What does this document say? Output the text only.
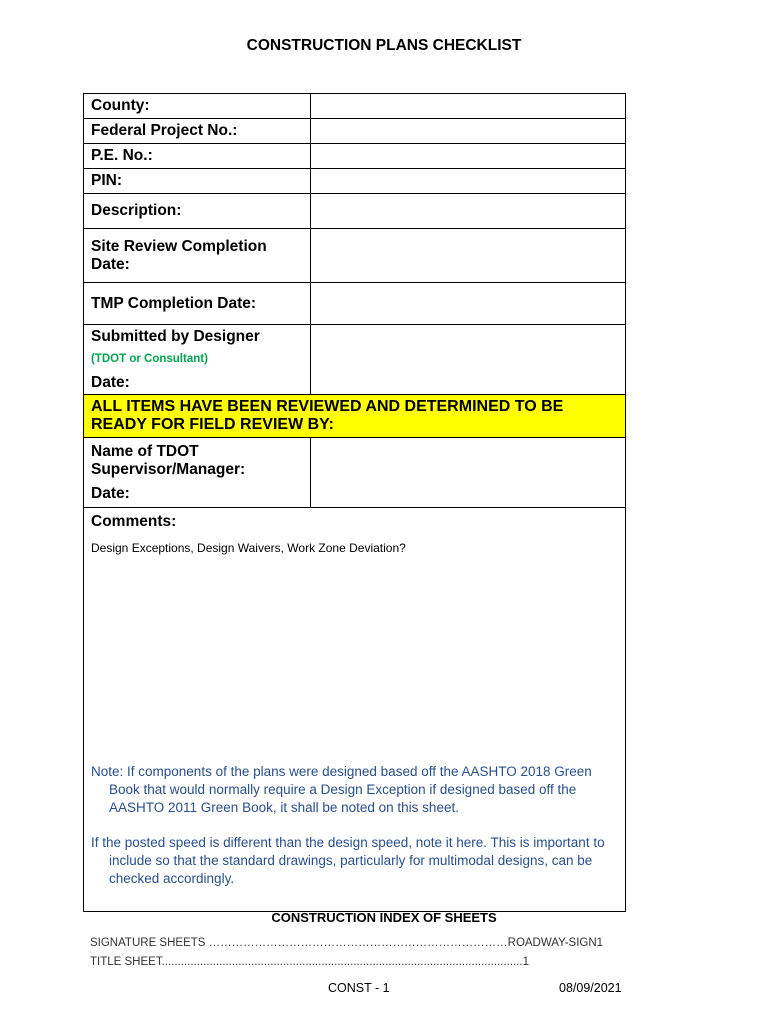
CONSTRUCTION PLANS CHECKLIST
County:	
Federal Project No.:	
P.E. No.:	
PIN:	
Description:	
Site Review Completion
Date:	
TMP Completion Date:	
Submitted by Designer
(TDOT or Consultant)
Date:	
ALL ITEMS HAVE BEEN REVIEWED AND DETERMINED TO BE READY FOR FIELD REVIEW BY:	
Name of TDOT
Supervisor/Manager:

Date:	

Comments:
Design Exceptions, Design Waivers, Work Zone Deviation?

Note: If components of the plans were designed based off the AASHTO 2018 Green Book that would normally require a Design Exception if designed based off the AASHTO 2011 Green Book, it shall be noted on this sheet.

If the posted speed is different than the design speed, note it here. This is important to include so that the standard drawings, particularly for multimodal designs, can be checked accordingly.	

CONSTRUCTION INDEX OF SHEETS
SIGNATURE SHEETS ……………………………………………………………………ROADWAY-SIGN1
TITLE SHEET.................................................................................................................1
CONST - 1	08/09/2021
